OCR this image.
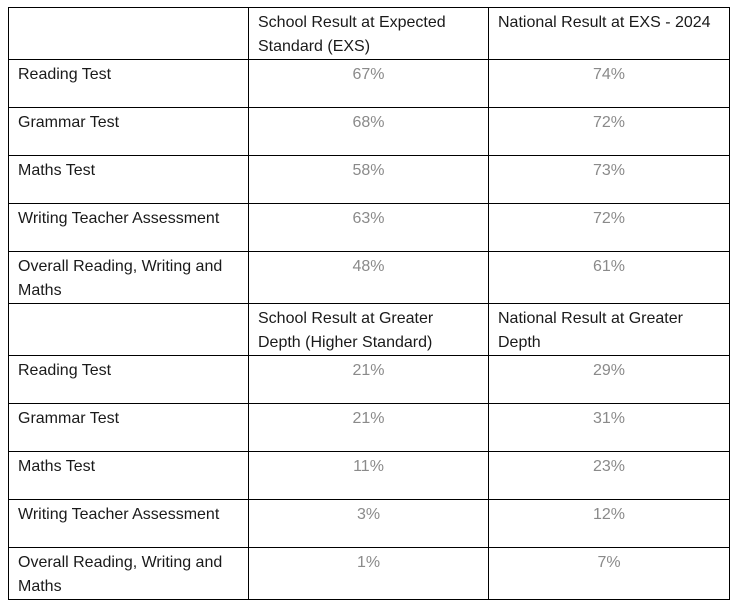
	School Result at Expected Standard (EXS)	National Result at EXS - 2024
Reading Test	67%	74%
Grammar Test	68%	72%
Maths Test	58%	73%
Writing Teacher Assessment	63%	72%
Overall Reading, Writing and Maths	48%	61%
	School Result at Greater Depth (Higher Standard)	National Result at Greater Depth
Reading Test	21%	29%
Grammar Test	21%	31%
Maths Test	11%	23%
Writing Teacher Assessment	3%	12%
Overall Reading, Writing and Maths	1%	7%
